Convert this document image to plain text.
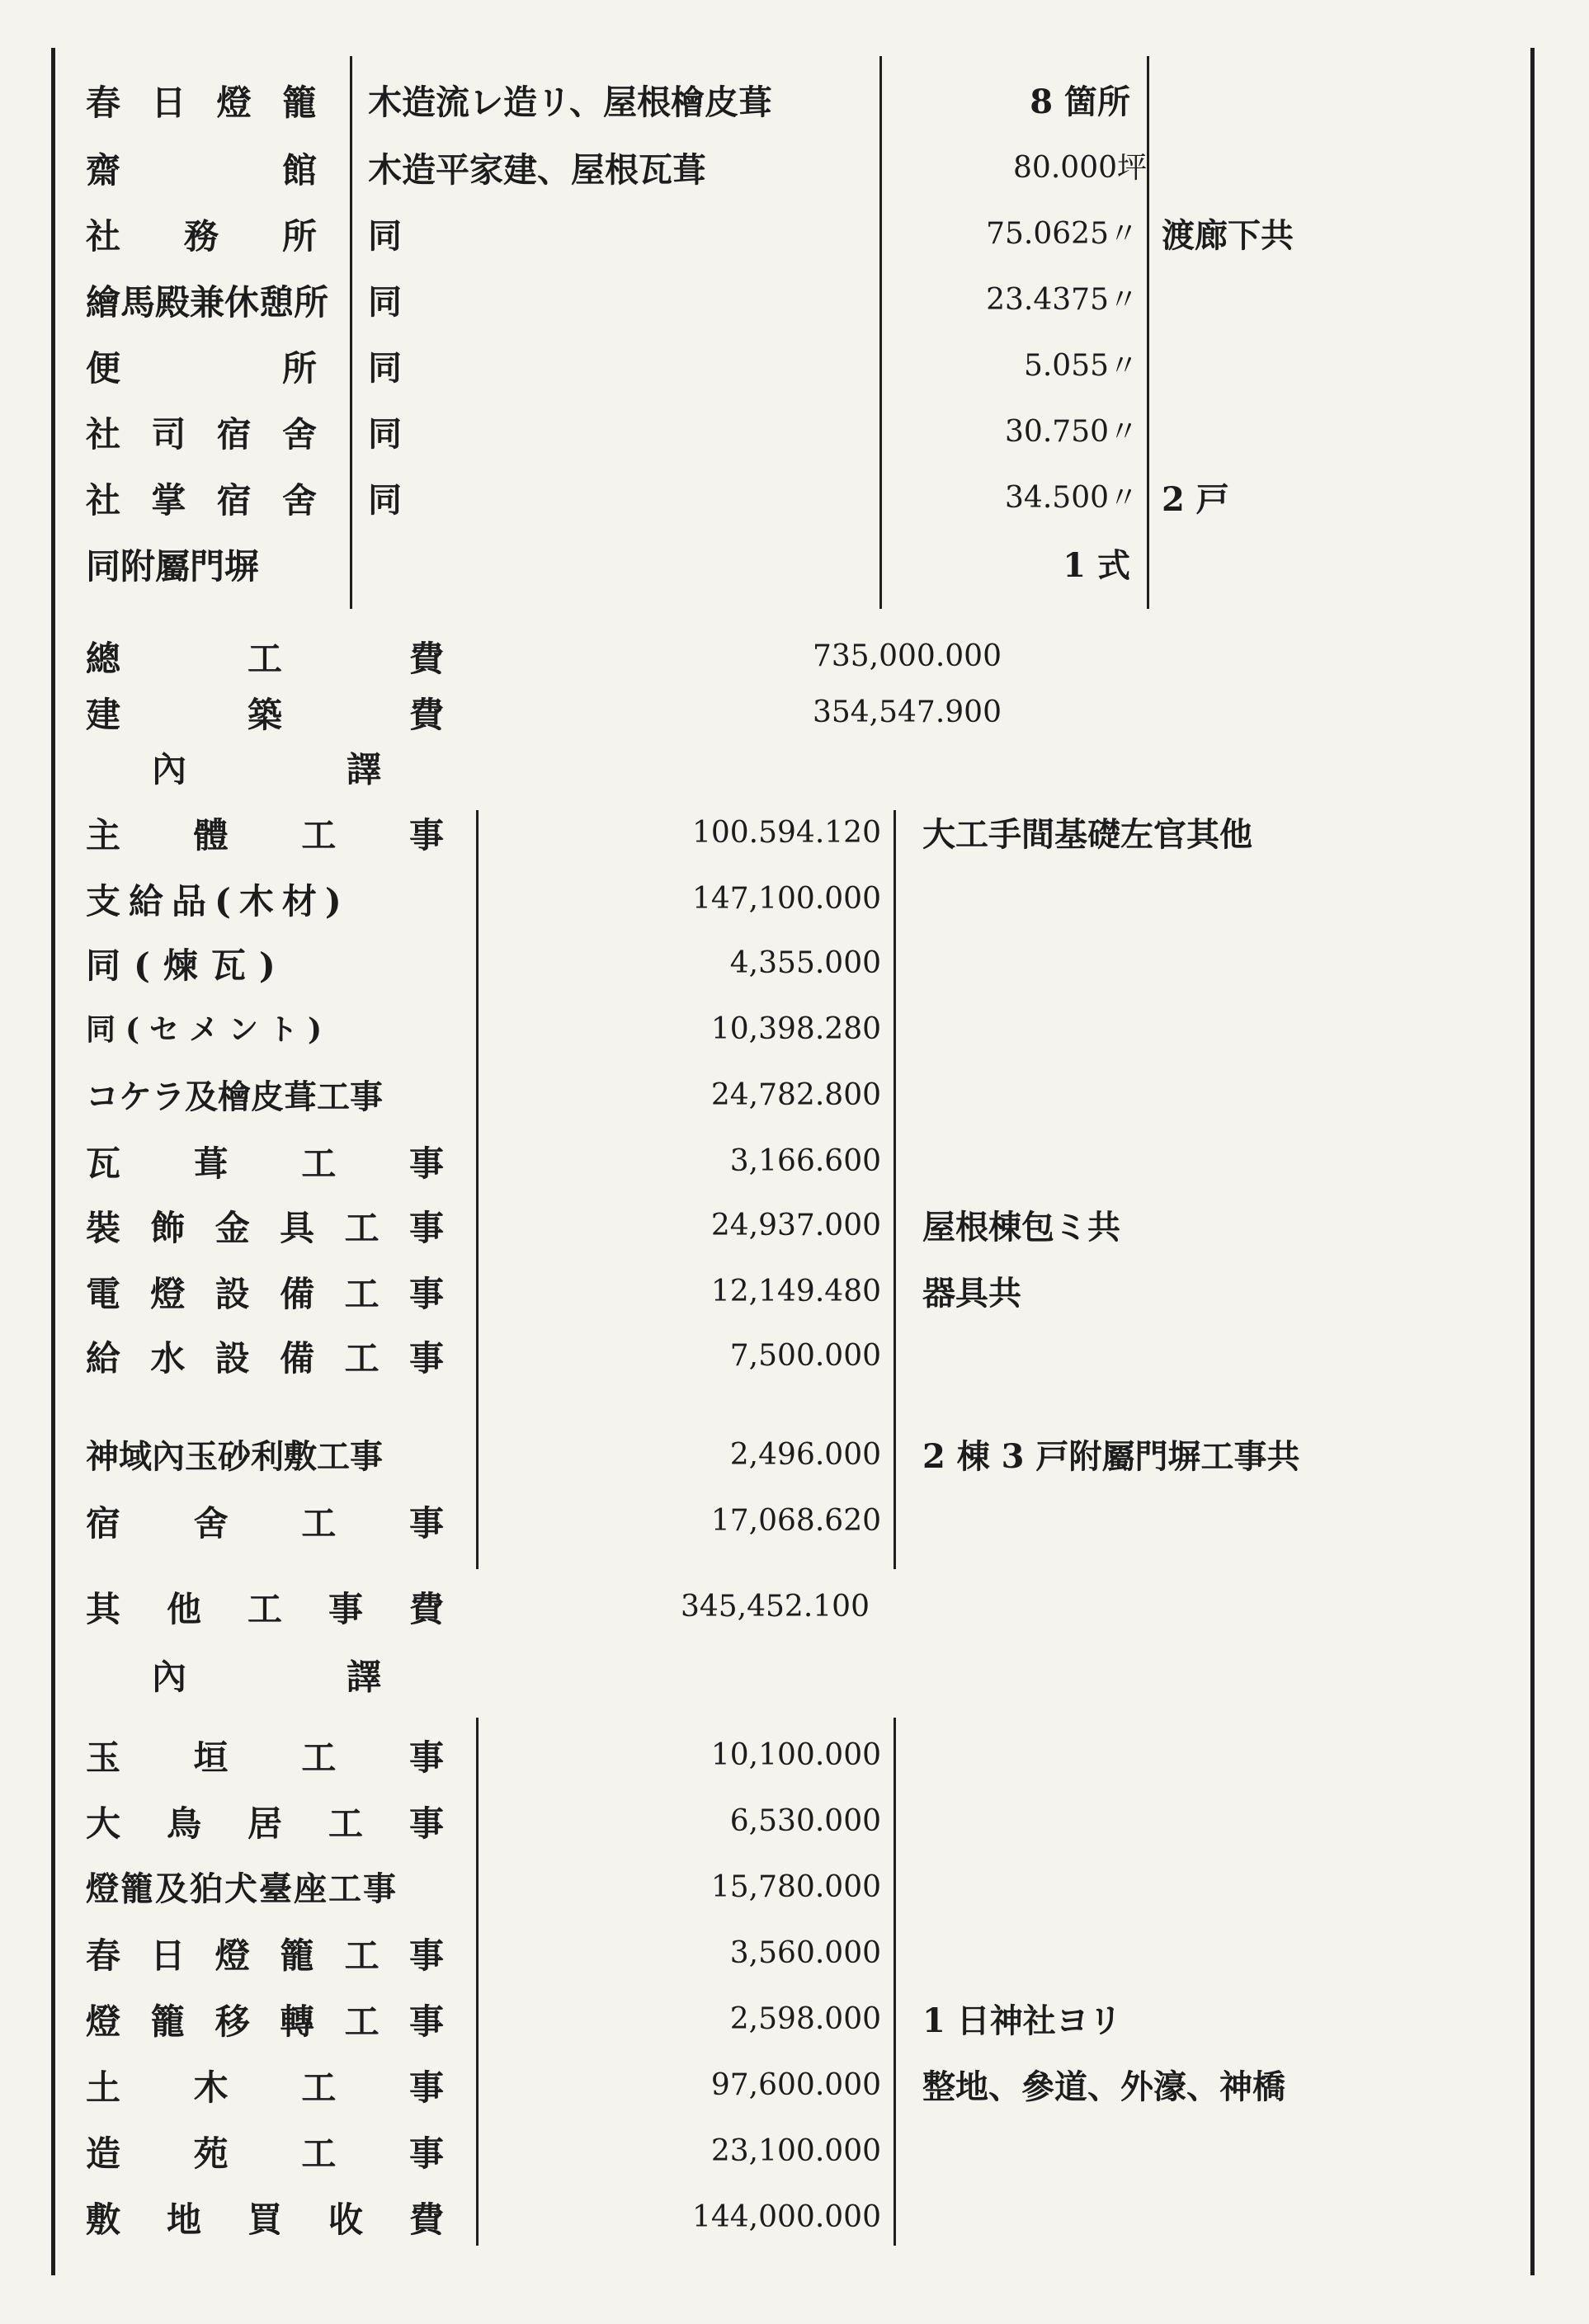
春 日 燈 籠 木造流レ造リ、屋根檜皮葺	8 箇所
齋	館 木造平家建、屋根瓦葺	80.000坪
社 務 所 同	75.0625〃 渡廊下共
繪馬殿兼休憩所 同	23.4375〃
便	所 同	5.055〃
社 司 宿 舍 同	30.750〃
社 掌 宿 舍 同	34.500〃 2 戸
同附屬門塀	1 式
總	工	費	735,000.000
建	築	費	354,547.900
內	譯
主 體 工 事	100.594.120 大工手間基礎左官其他
支給品(木材)	147,100.000
同(煉瓦)	4,355.000
同(セメント)	10,398.280
コケラ及檜皮葺工事	24,782.800
瓦 葺 工 事	3,166.600
裝 飾 金 具 工 事	24,937.000 屋根棟包ミ共
電 燈 設 備 工 事	12,149.480 器具共
給 水 設 備 工 事	7,500.000
神域內玉砂利敷工事	2,496.000 2 棟 3 戸附屬門塀工事共
宿 舍 工 事	17,068.620
其 他 工 事 費	345,452.100
內	譯
玉 垣 工 事	10,100.000
大 鳥 居 工 事	6,530.000
燈籠及狛犬臺座工事	15,780.000
春 日 燈 籠 工 事	3,560.000
燈 籠 移 轉 工 事	2,598.000 1 日神社ヨリ
土 木 工 事	97,600.000 整地、參道、外濠、神橋
造 苑 工 事	23,100.000
敷 地 買 收 費	144,000.000
